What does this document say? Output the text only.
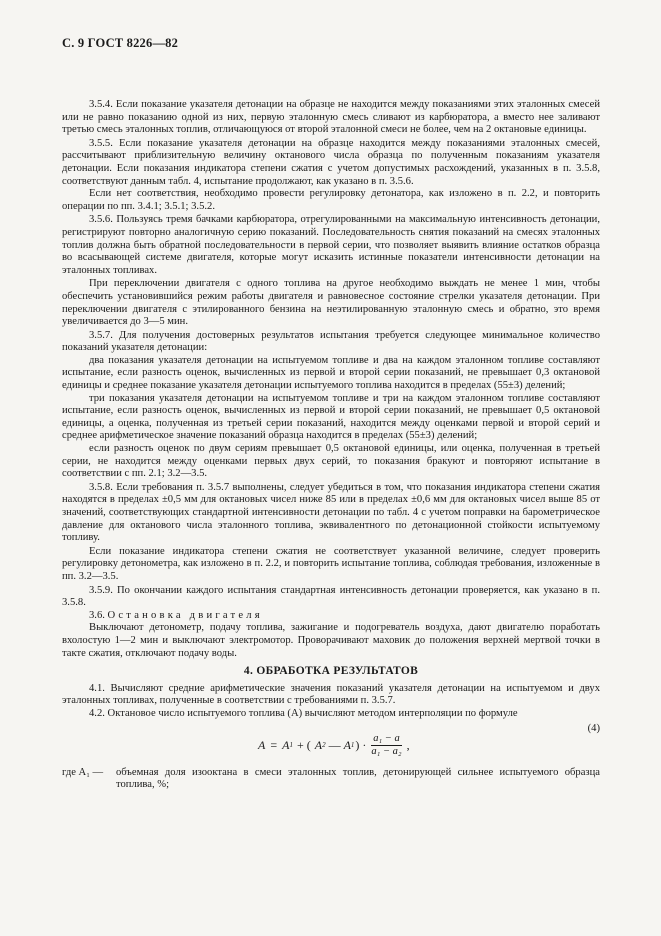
С. 9 ГОСТ 8226—82

3.5.4. Если показание указателя детонации на образце не находится между показаниями этих эталонных смесей или не равно показанию одной из них, первую эталонную смесь сливают из карбюратора, а вместо нее заливают третью смесь эталонных топлив, отличающуюся от второй эталонной смеси не более, чем на 2 октановые единицы.

3.5.5. Если показание указателя детонации на образце находится между показаниями эталонных смесей, рассчитывают приблизительную величину октанового числа образца по полученным показаниям указателя детонации. Если показания индикатора степени сжатия с учетом допустимых расхождений, указанных в п. 3.5.8, соответствуют данным табл. 4, испытание продолжают, как указано в п. 3.5.6.

Если нет соответствия, необходимо провести регулировку детонатора, как изложено в п. 2.2, и повторить операции по пп. 3.4.1; 3.5.1; 3.5.2.

3.5.6. Пользуясь тремя бачками карбюратора, отрегулированными на максимальную интенсивность детонации, регистрируют повторно аналогичную серию показаний. Последовательность снятия показаний на смесях эталонных топлив должна быть обратной последовательности в первой серии, что позволяет выявить влияние остатков образца во всасывающей системе двигателя, которые могут исказить истинные показатели интенсивности детонации на эталонных топливах.

При переключении двигателя с одного топлива на другое необходимо выждать не менее 1 мин, чтобы обеспечить установившийся режим работы двигателя и равновесное состояние стрелки указателя детонации. При переключении двигателя с этилированного бензина на неэтилированную эталонную смесь и обратно, это время увеличивается до 3—5 мин.

3.5.7. Для получения достоверных результатов испытания требуется следующее минимальное количество показаний указателя детонации:

два показания указателя детонации на испытуемом топливе и два на каждом эталонном топливе составляют испытание, если разность оценок, вычисленных из первой и второй серии показаний, не превышает 0,3 октановой единицы и среднее показание указателя детонации испытуемого топлива находится в пределах (55±3) делений;

три показания указателя детонации на испытуемом топливе и три на каждом эталонном топливе составляют испытание, если разность оценок, вычисленных из первой и второй серии показаний, не превышает 0,5 октановой единицы, а оценка, полученная из третьей серии показаний, находится между оценками первой и второй серий и среднее арифметическое значение показаний образца находится в пределах (55±3) делений;

если разность оценок по двум сериям превышает 0,5 октановой единицы, или оценка, полученная в третьей серии, не находится между оценками первых двух серий, то показания бракуют и повторяют испытание в соответствии с пп. 2.1; 3.2—3.5.

3.5.8. Если требования п. 3.5.7 выполнены, следует убедиться в том, что показания индикатора степени сжатия находятся в пределах ±0,5 мм для октановых чисел ниже 85 или в пределах ±0,6 мм для октановых чисел выше 85 от значений, соответствующих стандартной интенсивности детонации по табл. 4 с учетом поправки на барометрическое давление для октанового числа эталонного топлива, эквивалентного по детонационной стойкости испытуемому топливу.

Если показание индикатора степени сжатия не соответствует указанной величине, следует проверить регулировку детонометра, как изложено в п. 2.2, и повторить испытание топлива, соблюдая требования, изложенные в пп. 3.2—3.5.

3.5.9. По окончании каждого испытания стандартная интенсивность детонации проверяется, как указано в п. 3.5.8.

3.6. Остановка двигателя

Выключают детонометр, подачу топлива, зажигание и подогреватель воздуха, дают двигателю поработать вхолостую 1—2 мин и выключают электромотор. Проворачивают маховик до положения верхней мертвой точки в такте сжатия, отключают подачу воды.

4. ОБРАБОТКА РЕЗУЛЬТАТОВ

4.1. Вычисляют средние арифметические значения показаний указателя детонации на испытуемом и двух эталонных топливах, полученные в соответствии с требованиями п. 3.5.7.

4.2. Октановое число испытуемого топлива (А) вычисляют методом интерполяции по формуле

A = A 1 + ( A 2 — A 1 ) · $\frac{\text{a₁ − a}}{\text{a₁ − a₂}}$ ,
(4)
где A₁ —	объемная доля изооктана в смеси эталонных топлив, детонирующей сильнее испытуемого образца топлива, %;
